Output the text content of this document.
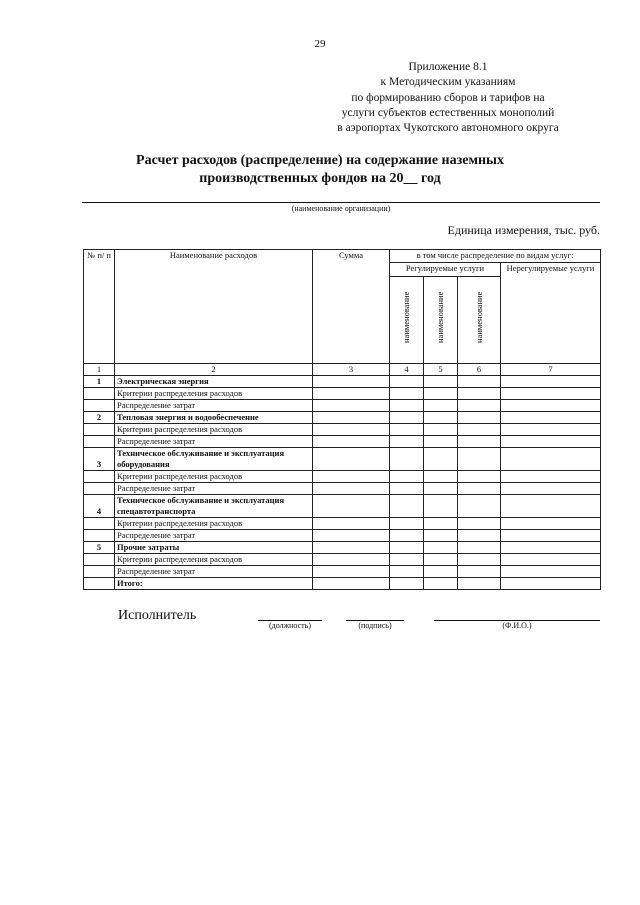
29
Приложение 8.1
к Методическим указаниям
по формированию сборов и тарифов на
услуги субъектов естественных монополий
в аэропортах Чукотского автономного округа
Расчет расходов (распределение) на содержание наземных
производственных фондов на 20__ год
(наименование организации)
Единица измерения, тыс. руб.
№ п/ п	Наименование расходов	Сумма	в том числе распределение по видам услуг:			
			Регулируемые услуги			Нерегулируемые услуги
			наименование	наименование	наименование	
1	2	3	4	5	6	7
1	Электрическая энергия					
	Критерии распределения расходов					
	Распределение затрат					
2	Тепловая энергия и водообеспечение					
	Критерии распределения расходов					
	Распределение затрат					
3	Техническое обслуживание и эксплуатация оборудования					
	Критерии распределения расходов					
	Распределение затрат					
4	Техническое обслуживание и эксплуатация спецавтотранспорта					
	Критерии распределения расходов					
	Распределение затрат					
5	Прочие затраты					
	Критерии распределения расходов					
	Распределение затрат					
	Итого:					
Исполнитель
(должность)	(подпись)	(Ф.И.О.)
